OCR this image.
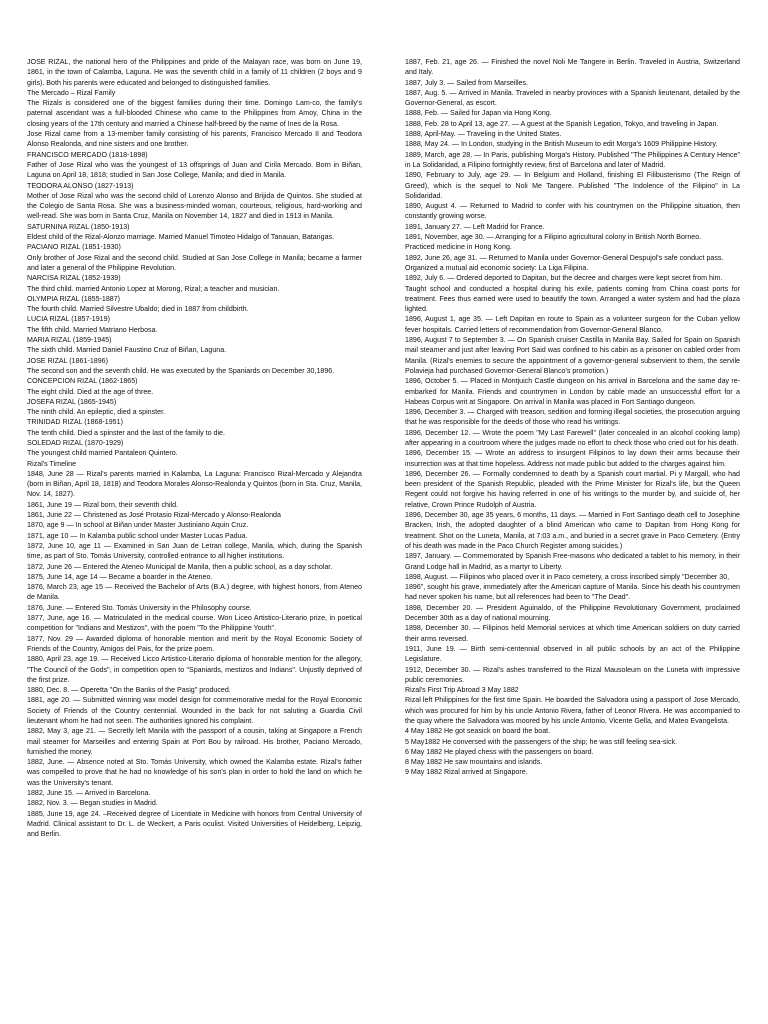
JOSE RIZAL, the national hero of the Philippines and pride of the Malayan race, was born on June 19, 1861, in the town of Calamba, Laguna. He was the seventh child in a family of 11 children (2 boys and 9 girls). Both his parents were educated and belonged to distinguished families.

The Mercado – Rizal Family

The Rizals is considered one of the biggest families during their time. Domingo Lam-co, the family's paternal ascendant was a full-blooded Chinese who came to the Philippines from Amoy, China in the closing years of the 17th century and married a Chinese half-breed by the name of Ines de la Rosa.

Jose Rizal came from a 13-member family consisting of his parents, Francisco Mercado II and Teodora Alonso Realonda, and nine sisters and one brother.

FRANCISCO MERCADO (1818-1898)

Father of Jose Rizal who was the youngest of 13 offsprings of Juan and Cirila Mercado. Born in Biñan, Laguna on April 18, 1818; studied in San Jose College, Manila; and died in Manila.

TEODORA ALONSO (1827-1913)

Mother of Jose Rizal who was the second child of Lorenzo Alonso and Brijida de Quintos. She studied at the Colegio de Santa Rosa. She was a business-minded woman, courteous, religious, hard-working and well-read. She was born in Santa Cruz, Manila on November 14, 1827 and died in 1913 in Manila.

SATURNINA RIZAL (1850-1913)

Eldest child of the Rizal-Alonzo marriage. Married Manuel Timoteo Hidalgo of Tanauan, Batangas.

PACIANO RIZAL (1851-1930)

Only brother of Jose Rizal and the second child. Studied at San Jose College in Manila; became a farmer and later a general of the Philippine Revolution.

NARCISA RIZAL (1852-1939)

The third child. married Antonio Lopez at Morong, Rizal; a teacher and musician.

OLYMPIA RIZAL (1855-1887)

The fourth child. Married Silvestre Ubaldo; died in 1887 from childbirth.

LUCIA RIZAL (1857-1919)

The fifth child. Married Matriano Herbosa.

MARIA RIZAL (1859-1945)

The sixth child. Married Daniel Faustino Cruz of Biñan, Laguna.

JOSE RIZAL (1861-1896)

The second son and the seventh child. He was executed by the Spaniards on December 30,1896.

CONCEPCION RIZAL (1862-1865)

The eight child. Died at the age of three.

JOSEFA RIZAL (1865-1945)

The ninth child. An epileptic, died a spinster.

TRINIDAD RIZAL (1868-1951)

The tenth child. Died a spinster and the last of the family to die.

SOLEDAD RIZAL (1870-1929)

The youngest child married Pantaleon Quintero.

Rizal's Timeline

1848, June 28 — Rizal's parents married in Kalamba, La Laguna: Francisco Rizal-Mercado y Alejandra (born in Biñan, April 18, 1818) and Teodora Morales Alonso-Realonda y Quintos (born in Sta. Cruz, Manila, Nov. 14, 1827).

1861, June 19 — Rizal born, their seventh child.

1861, June 22 — Christened as José Protasio Rizal-Mercado y Alonso-Realonda

1870, age 9 — In school at Biñan under Master Justiniano Aquin Cruz.

1871, age 10 — In Kalamba public school under Master Lucas Padua.

1872, June 10, age 11 — Examined in San Juan de Letran college, Manila, which, during the Spanish time, as part of Sto. Tomás University, controlled entrance to all higher institutions.

1872, June 26 — Entered the Ateneo Municipal de Manila, then a public school, as a day scholar.

1875, June 14, age 14 — Became a boarder in the Ateneo.

1876, March 23, age 15 — Received the Bachelor of Arts (B.A.) degree, with highest honors, from Ateneo de Manila.

1876, June. — Entered Sto. Tomás University in the Philosophy course.

1877, June, age 16. — Matriculated in the medical course. Won Liceo Artistico-Literario prize, in poetical competition for "Indians and Mestizos", with the poem "To the Philippine Youth".

1877, Nov. 29 — Awarded diploma of honorable mention and merit by the Royal Economic Society of Friends of the Country, Amigos del Pais, for the prize poem.

1880, April 23, age 19. — Received Licco Artistico-Literario diploma of honorable mention for the allegory, "The Council of the Gods", in competition open to "Spaniards, mestizos and Indians". Unjustly deprived of the first prize.

1880, Dec. 8. — Operetta "On the Banks of the Pasig" produced.

1881, age 20. — Submitted winning wax model design for commemorative medal for the Royal Economic Society of Friends of the Country centennial. Wounded in the back for not saluting a Guardia Civil lieutenant whom he had not seen. The authorities ignored his complaint.

1882, May 3, age 21. — Secretly left Manila with the passport of a cousin, taking at Singapore a French mail steamer for Marseilles and entering Spain at Port Bou by railroad. His brother, Paciano Mercado, furnished the money.

1882, June. — Absence noted at Sto. Tomás University, which owned the Kalamba estate. Rizal's father was compelled to prove that he had no knowledge of his son's plan in order to hold the land on which he was the University's tenant.

1882, June 15. — Arrived in Barcelona.

1882, Nov. 3. — Began studies in Madrid.

1885, June 19, age 24. –Received degree of Licentiate in Medicine with honors from Central University of Madrid. Clinical assistant to Dr. L. de Weckert, a Paris oculist. Visited Universities of Heidelberg, Leipzig, and Berlin.

1887, Feb. 21, age 26. — Finished the novel Noli Me Tangere in Berlin. Traveled in Austria, Switzerland and Italy.

1887, July 3. — Sailed from Marseilles.

1887, Aug. 5. — Arrived in Manila. Traveled in nearby provinces with a Spanish lieutenant, detailed by the Governor-General, as escort.

1888, Feb. — Sailed for Japan via Hong Kong.

1888, Feb. 28 to April 13, age 27. — A guest at the Spanish Legation, Tokyo, and traveling in Japan.

1888, April-May. — Traveling in the United States.

1888, May 24. — In London, studying in the British Museum to edit Morga's 1609 Philippine History.

1889, March, age 28. — In Paris, publishing Morga's History. Published "The Philippines A Century Hence" in La Solidaridad, a Filipino fortnightly review, first of Barcelona and later of Madrid.

1890, February to July, age 29. — In Belgium and Holland, finishing El Filibusterismo (The Reign of Greed), which is the sequel to Noli Me Tangere. Published "The Indolence of the Filipino" in La Solidaridad.

1890, August 4. — Returned to Madrid to confer with his countrymen on the Philippine situation, then constantly growing worse.

1891, January 27. — Left Madrid for France.

1891, November, age 30. — Arranging for a Filipino agricultural colony in British North Borneo.

Practiced medicine in Hong Kong.

1892, June 26, age 31. — Returned to Manila under Governor-General Despujol's safe conduct pass.

Organized a mutual aid economic society: La Liga Filipina.

1892, July 6. — Ordered deported to Dapitan, but the decree and charges were kept secret from him.

Taught school and conducted a hospital during his exile, patients coming from China coast ports for treatment. Fees thus earned were used to beautify the town. Arranged a water system and had the plaza lighted.

1896, August 1, age 35. — Left Dapitan en route to Spain as a volunteer surgeon for the Cuban yellow fever hospitals. Carried letters of recommendation from Governor-General Blanco.

1896, August 7 to September 3. — On Spanish cruiser Castilla in Manila Bay. Sailed for Spain on Spanish mail steamer and just after leaving Port Said was confined to his cabin as a prisoner on cabled order from Manila. (Rizal's enemies to secure the appointment of a governor-general subservient to them, the servile Polavieja had purchased Governor-General Blanco's promotion.)

1896, October 5. — Placed in Montjuich Castle dungeon on his arrival in Barcelona and the same day re-embarked for Manila. Friends and countrymen in London by cable made an unsuccessful effort for a Habeas Corpus writ at Singapore. On arrival in Manila was placed in Fort Santiago dungeon.

1896, December 3. — Charged with treason, sedition and forming illegal societies, the prosecution arguing that he was responsible for the deeds of those who read his writings.

1896, December 12. — Wrote the poem "My Last Farewell" (later concealed in an alcohol cooking lamp) after appearing in a courtroom where the judges made no effort to check those who cried out for his death.

1896, December 15. — Wrote an address to insurgent Filipinos to lay down their arms because their insurrection was at that time hopeless. Address not made public but added to the charges against him.

1896, December 26. — Formally condemned to death by a Spanish court martial. Pi y Margall, who had been president of the Spanish Republic, pleaded with the Prime Minister for Rizal's life, but the Queen Regent could not forgive his having referred in one of his writings to the murder by, and suicide of, her relative, Crown Prince Rudolph of Austria.

1896, December 30, age 35 years, 6 months, 11 days. — Married in Fort Santiago death cell to Josephine Bracken, Irish, the adopted daughter of a blind American who came to Dapitan from Hong Kong for treatment. Shot on the Luneta, Manila, at 7:03 a.m., and buried in a secret grave in Paco Cemetery. (Entry of his death was made in the Paco Church Register among suicides.)

1897, January. — Commemorated by Spanish Free-masons who dedicated a tablet to his memory, in their Grand Lodge hall in Madrid, as a martyr to Liberty.

1898, August. — Filipinos who placed over it in Paco cemetery, a cross inscribed simply "December 30,

1896", sought his grave, immediately after the American capture of Manila. Since his death his countrymen had never spoken his name, but all references had been to "The Dead".

1898, December 20. — President Aguinaldo, of the Philippine Revolutionary Government, proclaimed December 30th as a day of national mourning.

1898, December 30. — Filipinos held Memorial services at which time American soldiers on duty carried their arms reversed.

1911, June 19. — Birth semi-centennial observed in all public schools by an act of the Philippine Legislature.

1912, December 30. — Rizal's ashes transferred to the Rizal Mausoleum on the Luneta with impressive public ceremonies.

Rizal's First Trip Abroad 3 May 1882

Rizal left Philippines for the first time Spain. He boarded the Salvadora using a passport of Jose Mercado, which was procured for him by his uncle Antonio Rivera, father of Leonor Rivera. He was accompanied to the quay where the Salvadora was moored by his uncle Antonio, Vicente Gella, and Mateo Evangelista.

4 May 1882 He got seasick on board the boat.

5 May1882 He conversed with the passengers of the ship; he was still feeling sea-sick.

6 May 1882 He played chess with the passengers on board.

8 May 1882 He saw mountains and islands.

9 May 1882 Rizal arrived at Singapore.
